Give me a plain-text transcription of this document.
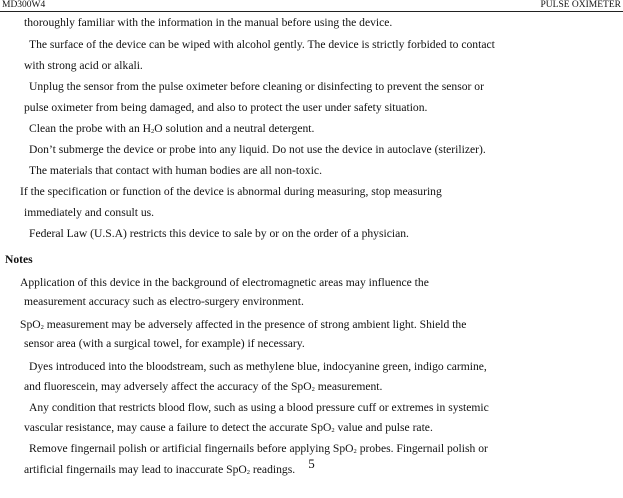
MD300W4	PULSE OXIMETER
thoroughly familiar with the information in the manual before using the device.
The surface of the device can be wiped with alcohol gently. The device is strictly forbided to contact
with strong acid or alkali.
Unplug the sensor from the pulse oximeter before cleaning or disinfecting to prevent the sensor or
pulse oximeter from being damaged, and also to protect the user under safety situation.
Clean the probe with an $H_2O$ solution and a neutral detergent.
Don’t submerge the device or probe into any liquid. Do not use the device in autoclave (sterilizer).
The materials that contact with human bodies are all non-toxic.
If the specification or function of the device is abnormal during measuring, stop measuring
immediately and consult us.
Federal Law (U.S.A) restricts this device to sale by or on the order of a physician.
Notes
Application of this device in the background of electromagnetic areas may influence the
measurement accuracy such as electro-surgery environment.
SpO$_2$ measurement may be adversely affected in the presence of strong ambient light. Shield the
sensor area (with a surgical towel, for example) if necessary.
Dyes introduced into the bloodstream, such as methylene blue, indocyanine green, indigo carmine,
and fluorescein, may adversely affect the accuracy of the SpO$_2$ measurement.
Any condition that restricts blood flow, such as using a blood pressure cuff or extremes in systemic
vascular resistance, may cause a failure to detect the accurate SpO$_2$ value and pulse rate.
Remove fingernail polish or artificial fingernails before applying SpO$_2$ probes. Fingernail polish or
artificial fingernails may lead to inaccurate SpO$_2$ readings.	5
